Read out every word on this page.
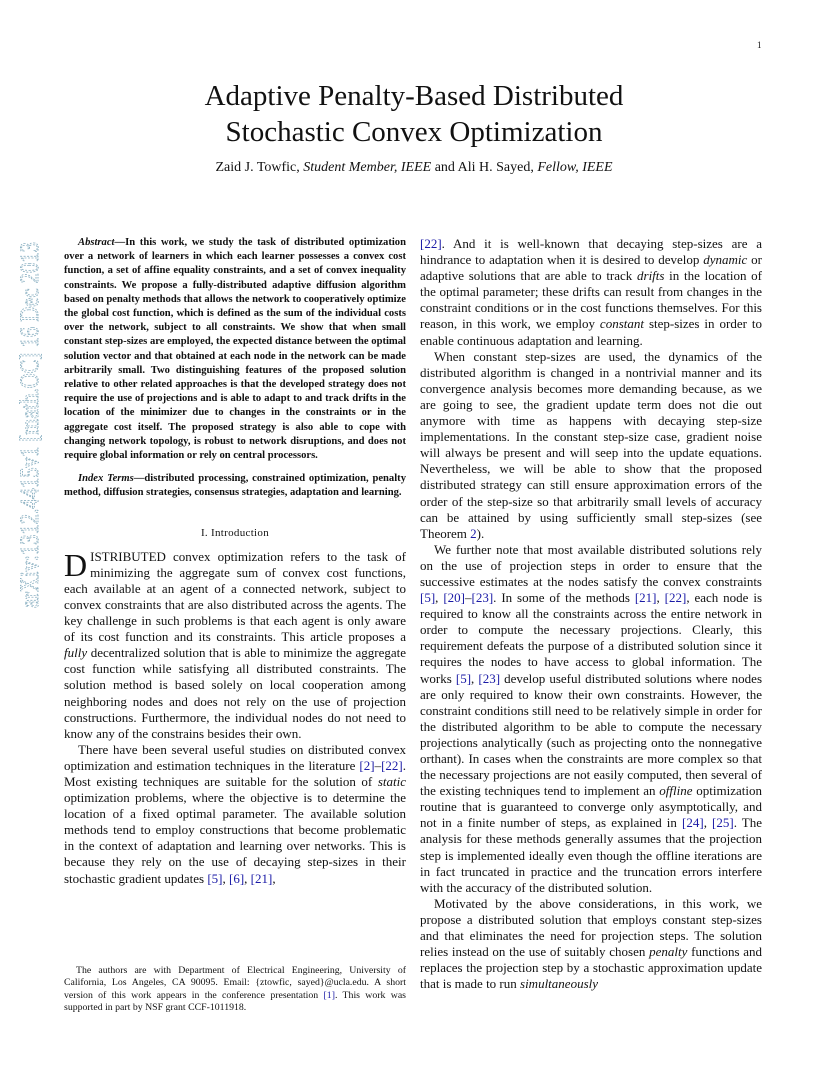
1
arXiv:1312.4415v1 [math.OC] 16 Dec 2013
Adaptive Penalty-Based Distributed
Stochastic Convex Optimization
Zaid J. Towfic, Student Member, IEEE and Ali H. Sayed, Fellow, IEEE

Abstract—In this work, we study the task of distributed optimization over a network of learners in which each learner possesses a convex cost function, a set of affine equality constraints, and a set of convex inequality constraints. We propose a fully-distributed adaptive diffusion algorithm based on penalty methods that allows the network to cooperatively optimize the global cost function, which is defined as the sum of the individual costs over the network, subject to all constraints. We show that when small constant step-sizes are employed, the expected distance between the optimal solution vector and that obtained at each node in the network can be made arbitrarily small. Two distinguishing features of the proposed solution relative to other related approaches is that the developed strategy does not require the use of projections and is able to adapt to and track drifts in the location of the minimizer due to changes in the constraints or in the aggregate cost itself. The proposed strategy is also able to cope with changing network topology, is robust to network disruptions, and does not require global information or rely on central processors.

Index Terms—distributed processing, constrained optimization, penalty method, diffusion strategies, consensus strategies, adaptation and learning.

I. Introduction

DISTRIBUTED convex optimization refers to the task of minimizing the aggregate sum of convex cost functions, each available at an agent of a connected network, subject to convex constraints that are also distributed across the agents. The key challenge in such problems is that each agent is only aware of its cost function and its constraints. This article proposes a fully decentralized solution that is able to minimize the aggregate cost function while satisfying all distributed constraints. The solution method is based solely on local cooperation among neighboring nodes and does not rely on the use of projection constructions. Furthermore, the individual nodes do not need to know any of the constrains besides their own.

There have been several useful studies on distributed convex optimization and estimation techniques in the literature [2]–[22]. Most existing techniques are suitable for the solution of static optimization problems, where the objective is to determine the location of a fixed optimal parameter. The available solution methods tend to employ constructions that become problematic in the context of adaptation and learning over networks. This is because they rely on the use of decaying step-sizes in their stochastic gradient updates [5], [6], [21],

The authors are with Department of Electrical Engineering, University of California, Los Angeles, CA 90095. Email: {ztowfic, sayed}@ucla.edu. A short version of this work appears in the conference presentation [1]. This work was supported in part by NSF grant CCF-1011918.

[22]. And it is well-known that decaying step-sizes are a hindrance to adaptation when it is desired to develop dynamic or adaptive solutions that are able to track drifts in the location of the optimal parameter; these drifts can result from changes in the constraint conditions or in the cost functions themselves. For this reason, in this work, we employ constant step-sizes in order to enable continuous adaptation and learning.

When constant step-sizes are used, the dynamics of the distributed algorithm is changed in a nontrivial manner and its convergence analysis becomes more demanding because, as we are going to see, the gradient update term does not die out anymore with time as happens with decaying step-size implementations. In the constant step-size case, gradient noise will always be present and will seep into the update equations. Nevertheless, we will be able to show that the proposed distributed strategy can still ensure approximation errors of the order of the step-size so that arbitrarily small levels of accuracy can be attained by using sufficiently small step-sizes (see Theorem 2).

We further note that most available distributed solutions rely on the use of projection steps in order to ensure that the successive estimates at the nodes satisfy the convex constraints [5], [20]–[23]. In some of the methods [21], [22], each node is required to know all the constraints across the entire network in order to compute the necessary projections. Clearly, this requirement defeats the purpose of a distributed solution since it requires the nodes to have access to global information. The works [5], [23] develop useful distributed solutions where nodes are only required to know their own constraints. However, the constraint conditions still need to be relatively simple in order for the distributed algorithm to be able to compute the necessary projections analytically (such as projecting onto the nonnegative orthant). In cases when the constraints are more complex so that the necessary projections are not easily computed, then several of the existing techniques tend to implement an offline optimization routine that is guaranteed to converge only asymptotically, and not in a finite number of steps, as explained in [24], [25]. The analysis for these methods generally assumes that the projection step is implemented ideally even though the offline iterations are in fact truncated in practice and the truncation errors interfere with the accuracy of the distributed solution.

Motivated by the above considerations, in this work, we propose a distributed solution that employs constant step-sizes and that eliminates the need for projection steps. The solution relies instead on the use of suitably chosen penalty functions and replaces the projection step by a stochastic approximation update that is made to run simultaneously
